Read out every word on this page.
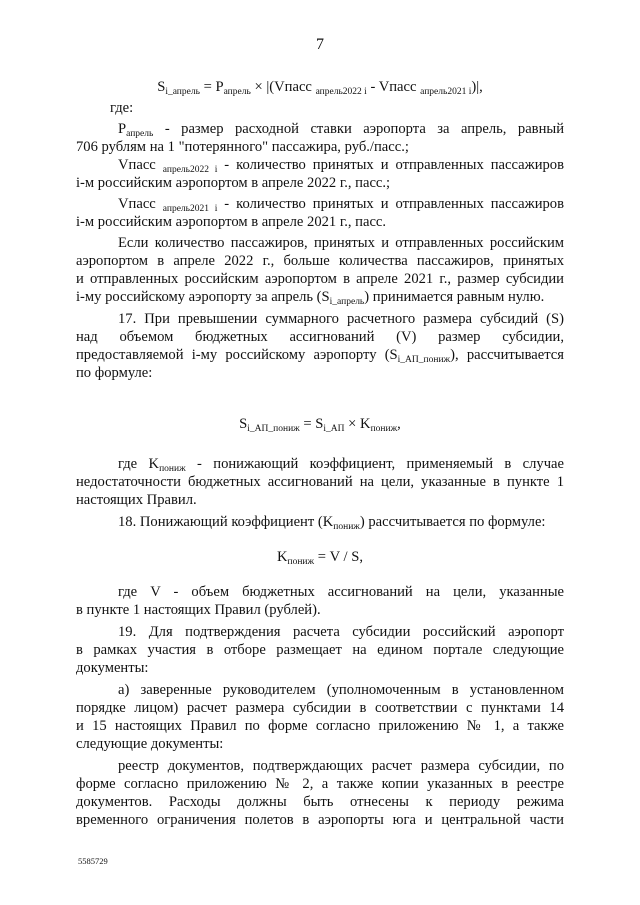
7
$S_{i\_апрель} = P_{апрель}$ × |(Vпасс $_{апрель2022 i}$ - Vпасс $_{апрель2021 i}$)|,
где:
$P_{апрель}$ - размер расходной ставки аэропорта за апрель, равный
706 рублям на 1 "потерянного" пассажира, руб./пасс.;
Vпасс $_{апрель2022 i}$ - количество принятых и отправленных пассажиров
i-м российским аэропортом в апреле 2022 г., пасс.;
Vпасс $_{апрель2021 i}$ - количество принятых и отправленных пассажиров
i-м российским аэропортом в апреле 2021 г., пасс.
Если количество пассажиров, принятых и отправленных российским
аэропортом в апреле 2022 г., больше количества пассажиров, принятых
и отправленных российским аэропортом в апреле 2021 г., размер субсидии
i-му российскому аэропорту за апрель $(S_{i\_апрель})$ принимается равным нулю.
17. При превышении суммарного расчетного размера субсидий (S)
над объемом бюджетных ассигнований (V) размер субсидии,
предоставляемой i-му российскому аэропорту $(S_{i\_АП\_пониж})$, рассчитывается
по формуле:
$S_{i\_АП\_пониж} = S_{i\_АП} \times K_{пониж}$,
где $K_{пониж}$ - понижающий коэффициент, применяемый в случае
недостаточности бюджетных ассигнований на цели, указанные в пункте 1
настоящих Правил.
18. Понижающий коэффициент $(K_{пониж})$ рассчитывается по формуле:
$K_{пониж} = V / S$,
где V - объем бюджетных ассигнований на цели, указанные
в пункте 1 настоящих Правил (рублей).
19. Для подтверждения расчета субсидии российский аэропорт
в рамках участия в отборе размещает на едином портале следующие
документы:
а) заверенные руководителем (уполномоченным в установленном
порядке лицом) расчет размера субсидии в соответствии с пунктами 14
и 15 настоящих Правил по форме согласно приложению № 1, а также
следующие документы:
реестр документов, подтверждающих расчет размера субсидии, по
форме согласно приложению № 2, а также копии указанных в реестре
документов. Расходы должны быть отнесены к периоду режима
временного ограничения полетов в аэропорты юга и центральной части
5585729
